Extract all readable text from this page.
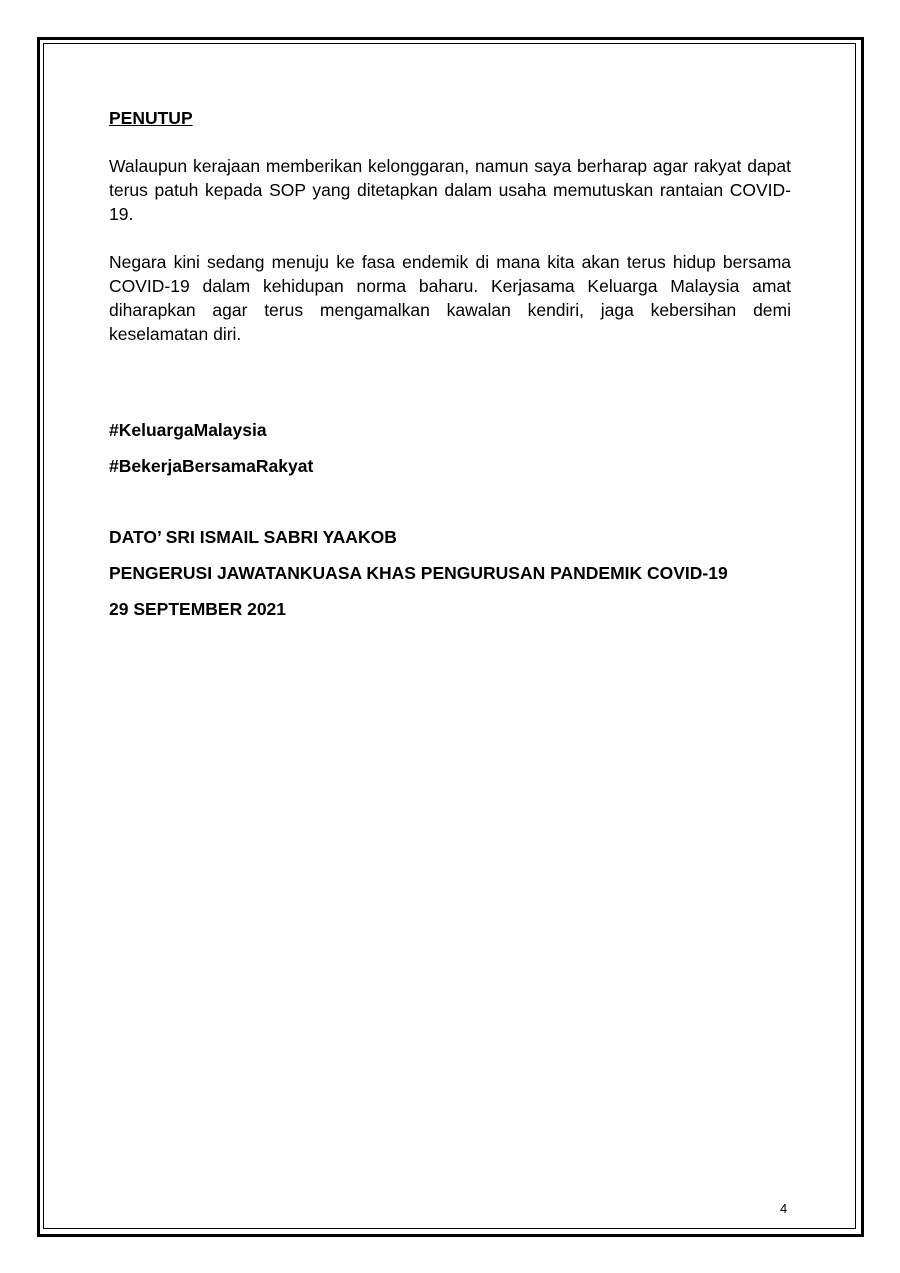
PENUTUP

Walaupun kerajaan memberikan kelonggaran, namun saya berharap agar rakyat dapat terus patuh kepada SOP yang ditetapkan dalam usaha memutuskan rantaian COVID-19.

Negara kini sedang menuju ke fasa endemik di mana kita akan terus hidup bersama COVID-19 dalam kehidupan norma baharu. Kerjasama Keluarga Malaysia amat diharapkan agar terus mengamalkan kawalan kendiri, jaga kebersihan demi keselamatan diri.

#KeluargaMalaysia

#BekerjaBersamaRakyat

DATO’ SRI ISMAIL SABRI YAAKOB

PENGERUSI JAWATANKUASA KHAS PENGURUSAN PANDEMIK COVID-19

29 SEPTEMBER 2021

4
